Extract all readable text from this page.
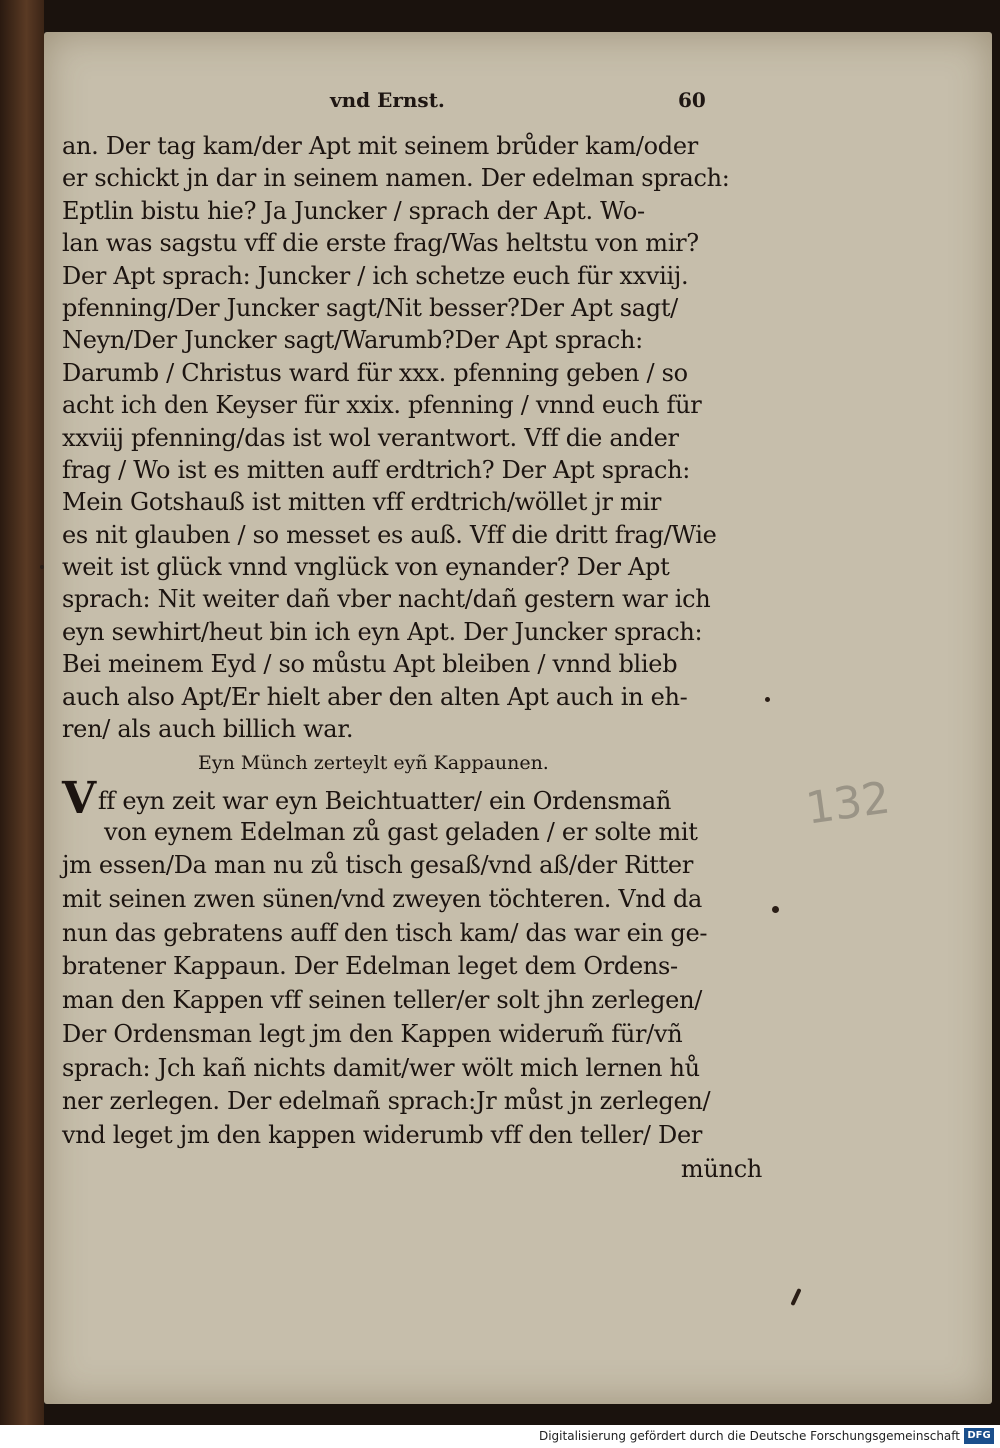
vnd Ernst.	60
an. Der tag kam/der Apt mit seinem brůder kam/oder
er schickt jn dar in seinem namen. Der edelman sprach:
Eptlin bistu hie? Ja Juncker / sprach der Apt. Wo-
lan was sagstu vff die erste frag/Was heltstu von mir?
Der Apt sprach: Juncker / ich schetze euch für xxviij.
pfenning/Der Juncker sagt/Nit besser?Der Apt sagt/
Neyn/Der Juncker sagt/Warumb?Der Apt sprach:
Darumb / Christus ward für xxx. pfenning geben / so
acht ich den Keyser für xxix. pfenning / vnnd euch für
xxviij pfenning/das ist wol verantwort. Vff die ander
frag / Wo ist es mitten auff erdtrich? Der Apt sprach:
Mein Gotshauß ist mitten vff erdtrich/wöllet jr mir
es nit glauben / so messet es auß. Vff die dritt frag/Wie
weit ist glück vnnd vnglück von eynander? Der Apt
sprach: Nit weiter dañ vber nacht/dañ gestern war ich
eyn sewhirt/heut bin ich eyn Apt. Der Juncker sprach:
Bei meinem Eyd / so můstu Apt bleiben / vnnd blieb
auch also Apt/Er hielt aber den alten Apt auch in eh-
ren/ als auch billich war.
Eyn Münch zerteylt eyñ Kappaunen.
Vff eyn zeit war eyn Beichtuatter/ ein Ordensmañ
von eynem Edelman zů gast geladen / er solte mit
jm essen/Da man nu zů tisch gesaß/vnd aß/der Ritter
mit seinen zwen sünen/vnd zweyen töchteren. Vnd da
nun das gebratens auff den tisch kam/ das war ein ge-
bratener Kappaun. Der Edelman leget dem Ordens-
man den Kappen vff seinen teller/er solt jhn zerlegen/
Der Ordensman legt jm den Kappen widerum̃ für/vñ
sprach: Jch kañ nichts damit/wer wölt mich lernen hů
ner zerlegen. Der edelmañ sprach:Jr můst jn zerlegen/
vnd leget jm den kappen widerumb vff den teller/ Der
münch
132
Digitalisierung gefördert durch die Deutsche Forschungsgemeinschaft DFG
